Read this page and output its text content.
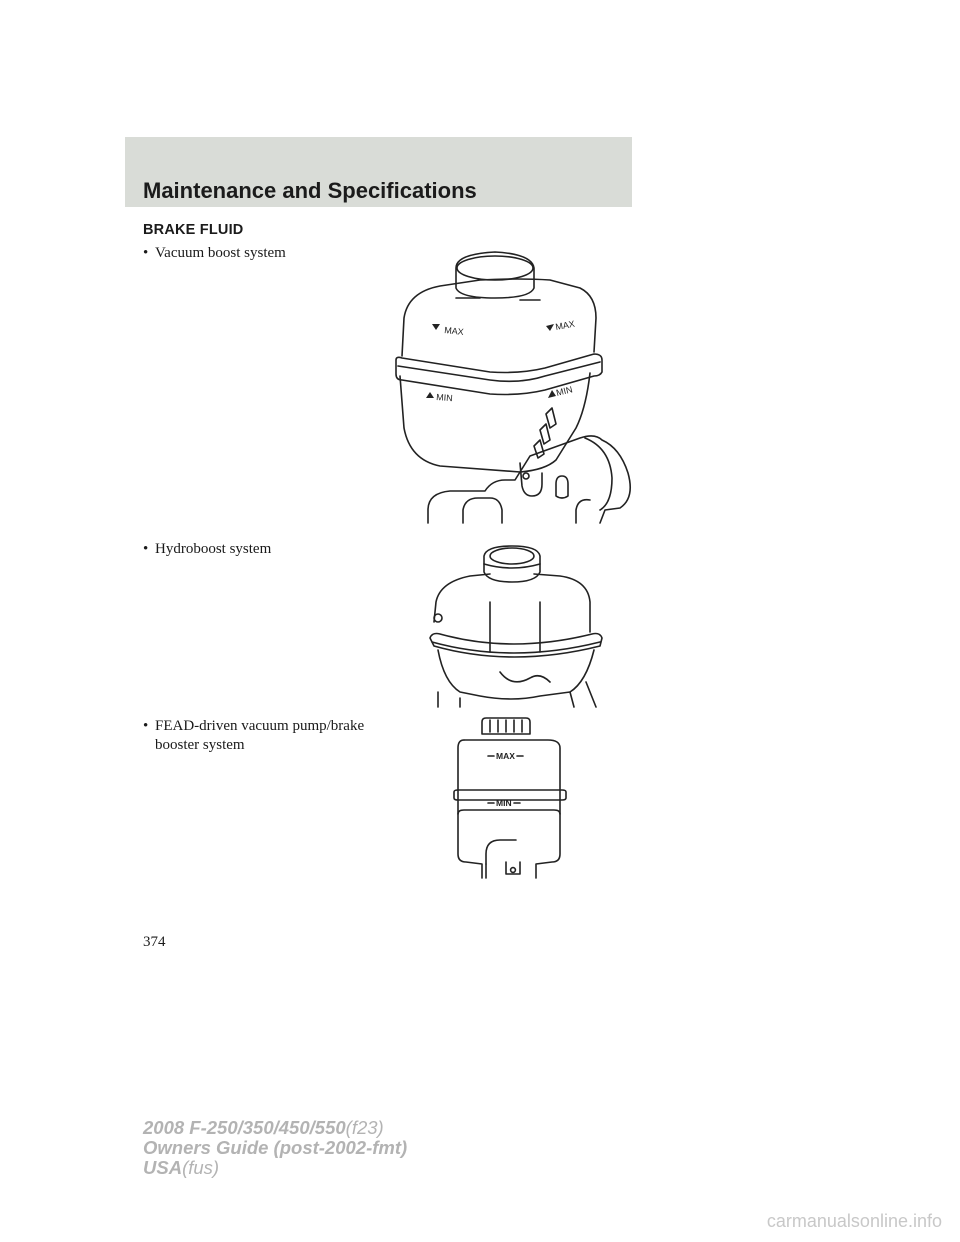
Maintenance and Specifications
BRAKE FLUID
• Vacuum boost system
• Hydroboost system
• FEAD-driven vacuum pump/brake booster system
MAX	MAX
MIN	MIN
MAX
MIN
374
2008 F-250/350/450/550(f23)
Owners Guide (post-2002-fmt)
USA(fus)
carmanualsonline.info
